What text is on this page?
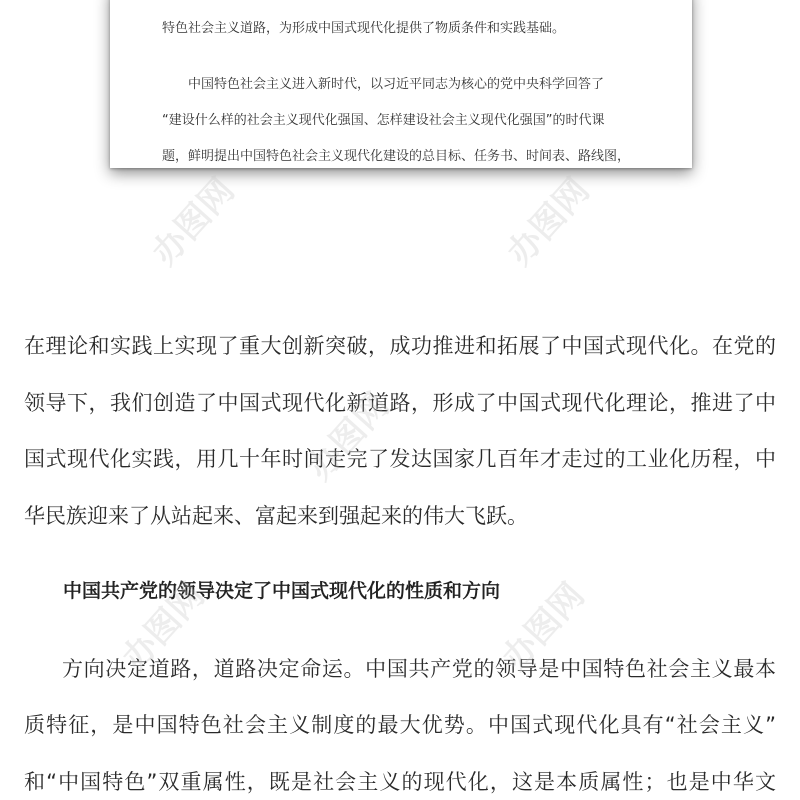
特色社会主义道路，为形成中国式现代化提供了物质条件和实践基础。
中国特色社会主义进入新时代，以习近平同志为核心的党中央科学回答了
“建设什么样的社会主义现代化强国、怎样建设社会主义现代化强国”的时代课
题，鲜明提出中国特色社会主义现代化建设的总目标、任务书、时间表、路线图，
在理论和实践上实现了重大创新突破，成功推进和拓展了中国式现代化。在党的
领导下，我们创造了中国式现代化新道路，形成了中国式现代化理论，推进了中
国式现代化实践，用几十年时间走完了发达国家几百年才走过的工业化历程，中
华民族迎来了从站起来、富起来到强起来的伟大飞跃。
中国共产党的领导决定了中国式现代化的性质和方向
方向决定道路，道路决定命运。中国共产党的领导是中国特色社会主义最本
质特征，是中国特色社会主义制度的最大优势。中国式现代化具有“社会主义”
和“中国特色”双重属性，既是社会主义的现代化，这是本质属性；也是中华文
办图网	办图网
办图网
办图网	办图网
